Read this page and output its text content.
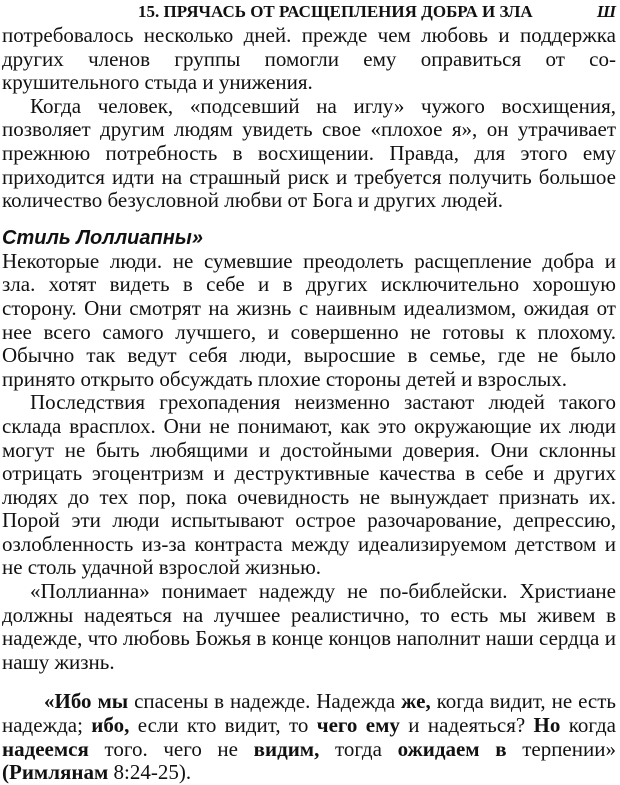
15. ПРЯЧАСЬ ОТ РАСЩЕПЛЕНИЯ ДОБРА И ЗЛА	Ш

потребовалось несколько дней. прежде чем любовь и поддержка других членов группы помогли ему оправиться от со-крушительного стыда и унижения.

Когда человек, «подсевший на иглу» чужого восхищения, позволяет другим людям увидеть свое «плохое я», он утрачивает прежнюю потребность в восхищении. Правда, для этого ему приходится идти на страшный риск и требуется получить большое количество безусловной любви от Бога и других людей.

Стиль Лоллиапны»

Некоторые люди. не сумевшие преодолеть расщепление добра и зла. хотят видеть в себе и в других исключительно хорошую сторону. Они смотрят на жизнь с наивным идеализмом, ожидая от нее всего самого лучшего, и совершенно не готовы к плохому. Обычно так ведут себя люди, выросшие в семье, где не было принято открыто обсуждать плохие стороны детей и взрослых.

Последствия грехопадения неизменно застают людей такого склада врасплох. Они не понимают, как это окружающие их люди могут не быть любящими и достойными доверия. Они склонны отрицать эгоцентризм и деструктивные качества в себе и других людях до тех пор, пока очевидность не вынуждает признать их. Порой эти люди испытывают острое разочарование, депрессию, озлобленность из-за контраста между идеализируемом детством и не столь удачной взрослой жизнью.

«Поллианна» понимает надежду не по-библейски. Христиане должны надеяться на лучшее реалистично, то есть мы живем в надежде, что любовь Божья в конце концов наполнит наши сердца и нашу жизнь.

«Ибо мы спасены в надежде. Надежда же, когда видит, не есть надежда; ибо, если кто видит, то чего ему и надеяться? Но когда надеемся того. чего не видим, тогда ожидаем в терпении» (Римлянам 8:24-25).
